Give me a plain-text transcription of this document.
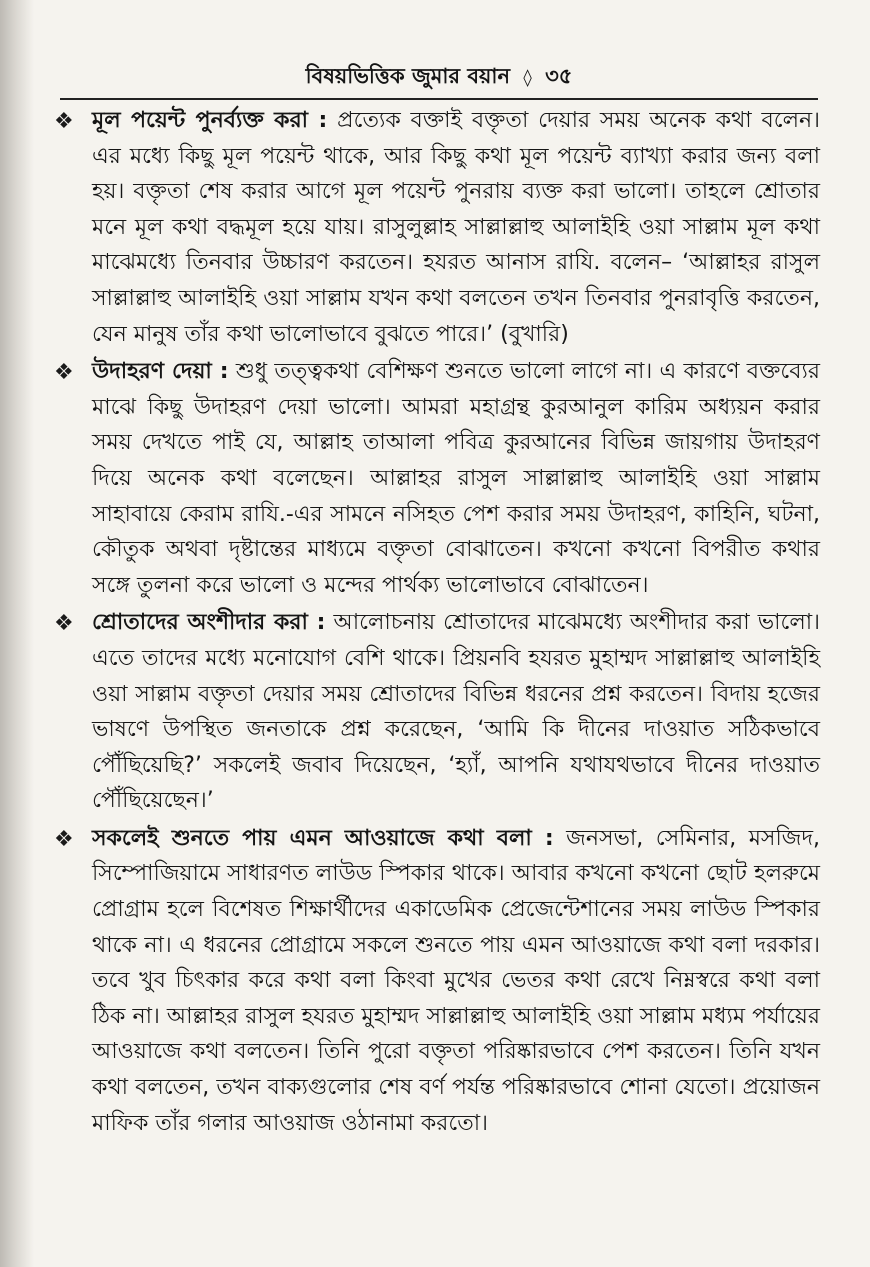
বিষয়ভিত্তিক জুমার বয়ান ◊ ৩৫
❖ মূল পয়েন্ট পুনর্ব্যক্ত করা : প্রত্যেক বক্তাই বক্তৃতা দেয়ার সময় অনেক কথা বলেন। এর মধ্যে কিছু মূল পয়েন্ট থাকে, আর কিছু কথা মূল পয়েন্ট ব্যাখ্যা করার জন্য বলা হয়। বক্তৃতা শেষ করার আগে মূল পয়েন্ট পুনরায় ব্যক্ত করা ভালো। তাহলে শ্রোতার মনে মূল কথা বদ্ধমূল হয়ে যায়। রাসুলুল্লাহ সাল্লাল্লাহু আলাইহি ওয়া সাল্লাম মূল কথা মাঝেমধ্যে তিনবার উচ্চারণ করতেন। হযরত আনাস রাযি. বলেন– ‘আল্লাহর রাসুল সাল্লাল্লাহু আলাইহি ওয়া সাল্লাম যখন কথা বলতেন তখন তিনবার পুনরাবৃত্তি করতেন, যেন মানুষ তাঁর কথা ভালোভাবে বুঝতে পারে।’ (বুখারি)

❖ উদাহরণ দেয়া : শুধু তত্ত্বকথা বেশিক্ষণ শুনতে ভালো লাগে না। এ কারণে বক্তব্যের মাঝে কিছু উদাহরণ দেয়া ভালো। আমরা মহাগ্রন্থ কুরআনুল কারিম অধ্যয়ন করার সময় দেখতে পাই যে, আল্লাহ তাআলা পবিত্র কুরআনের বিভিন্ন জায়গায় উদাহরণ দিয়ে অনেক কথা বলেছেন। আল্লাহর রাসুল সাল্লাল্লাহু আলাইহি ওয়া সাল্লাম সাহাবায়ে কেরাম রাযি.-এর সামনে নসিহত পেশ করার সময় উদাহরণ, কাহিনি, ঘটনা, কৌতুক অথবা দৃষ্টান্তের মাধ্যমে বক্তৃতা বোঝাতেন। কখনো কখনো বিপরীত কথার সঙ্গে তুলনা করে ভালো ও মন্দের পার্থক্য ভালোভাবে বোঝাতেন।

❖ শ্রোতাদের অংশীদার করা : আলোচনায় শ্রোতাদের মাঝেমধ্যে অংশীদার করা ভালো। এতে তাদের মধ্যে মনোযোগ বেশি থাকে। প্রিয়নবি হযরত মুহাম্মদ সাল্লাল্লাহু আলাইহি ওয়া সাল্লাম বক্তৃতা দেয়ার সময় শ্রোতাদের বিভিন্ন ধরনের প্রশ্ন করতেন। বিদায় হজের ভাষণে উপস্থিত জনতাকে প্রশ্ন করেছেন, ‘আমি কি দীনের দাওয়াত সঠিকভাবে পৌঁছিয়েছি?’ সকলেই জবাব দিয়েছেন, ‘হ্যাঁ, আপনি যথাযথভাবে দীনের দাওয়াত পৌঁছিয়েছেন।’

❖ সকলেই শুনতে পায় এমন আওয়াজে কথা বলা : জনসভা, সেমিনার, মসজিদ, সিম্পোজিয়ামে সাধারণত লাউড স্পিকার থাকে। আবার কখনো কখনো ছোট হলরুমে প্রোগ্রাম হলে বিশেষত শিক্ষার্থীদের একাডেমিক প্রেজেন্টেশানের সময় লাউড স্পিকার থাকে না। এ ধরনের প্রোগ্রামে সকলে শুনতে পায় এমন আওয়াজে কথা বলা দরকার। তবে খুব চিৎকার করে কথা বলা কিংবা মুখের ভেতর কথা রেখে নিম্নস্বরে কথা বলা ঠিক না। আল্লাহর রাসুল হযরত মুহাম্মদ সাল্লাল্লাহু আলাইহি ওয়া সাল্লাম মধ্যম পর্যায়ের আওয়াজে কথা বলতেন। তিনি পুরো বক্তৃতা পরিষ্কারভাবে পেশ করতেন। তিনি যখন কথা বলতেন, তখন বাক্যগুলোর শেষ বর্ণ পর্যন্ত পরিষ্কারভাবে শোনা যেতো। প্রয়োজন মাফিক তাঁর গলার আওয়াজ ওঠানামা করতো।
